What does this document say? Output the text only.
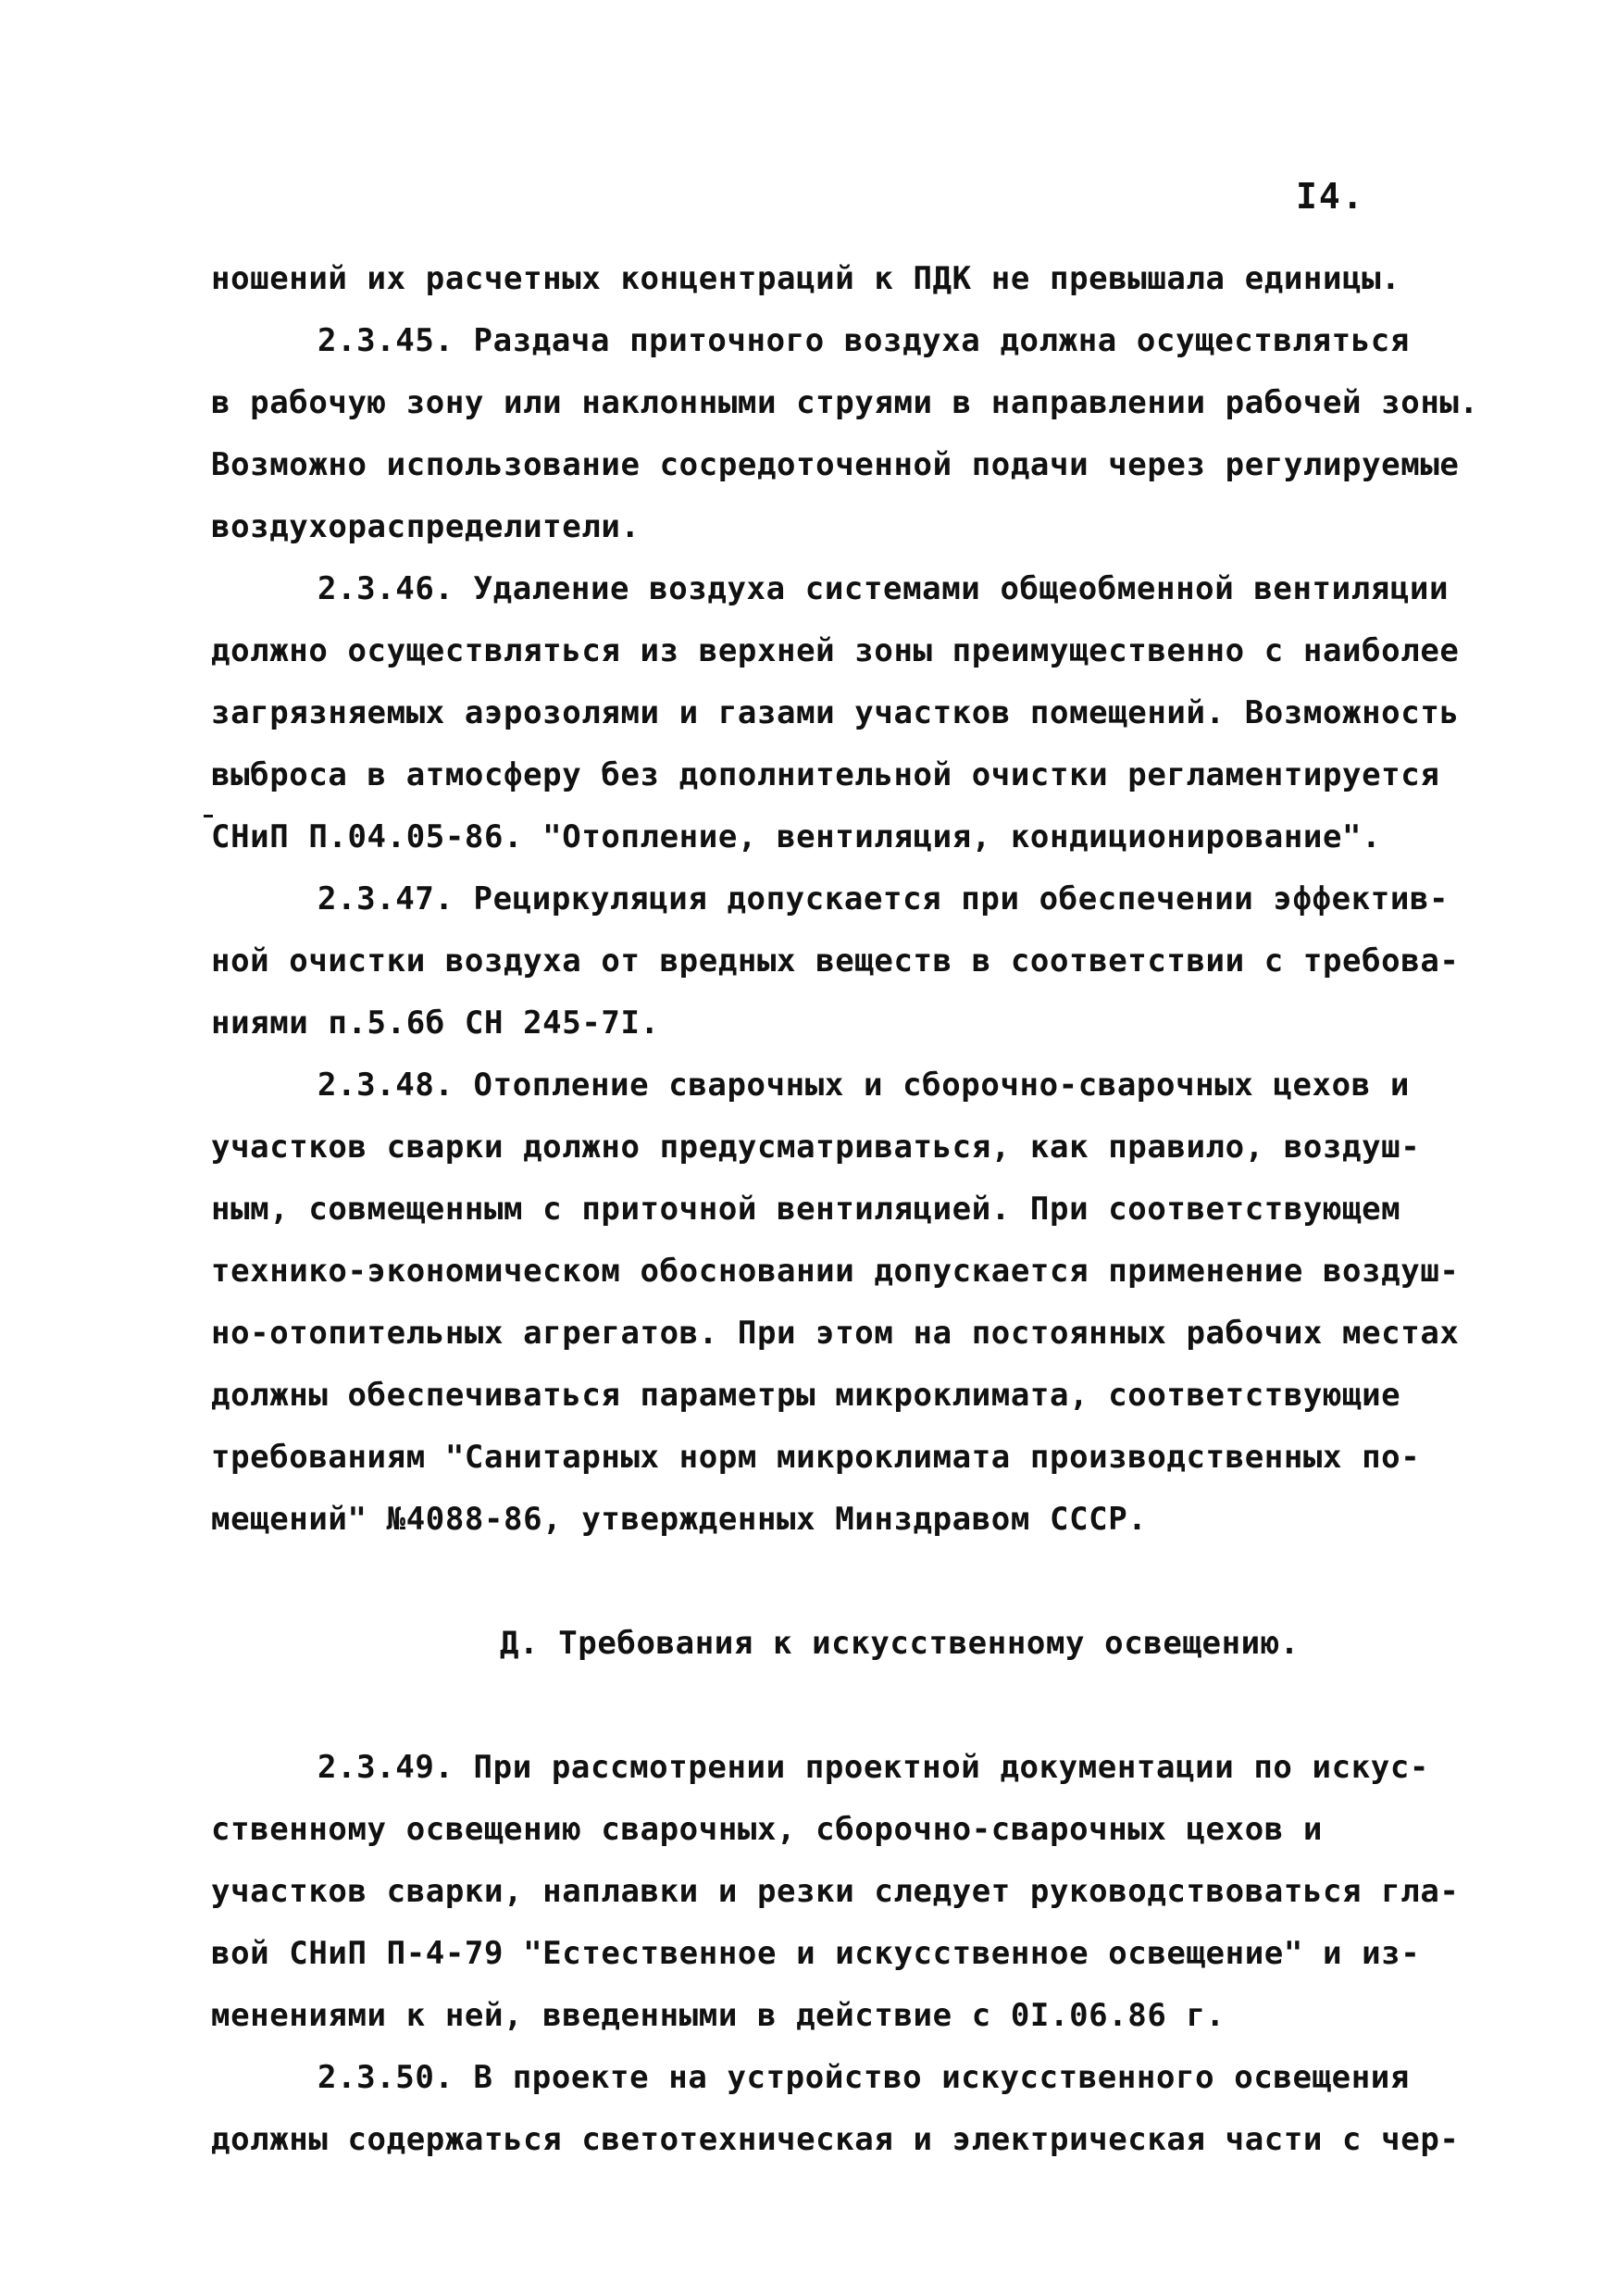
I4.
ношений их расчетных концентраций к ПДК не превышала единицы.
2.3.45. Раздача приточного воздуха должна осуществляться
в рабочую зону или наклонными струями в направлении рабочей зоны.
Возможно использование сосредоточенной подачи через регулируемые
воздухораспределители.
2.3.46. Удаление воздуха системами общеобменной вентиляции
должно осуществляться из верхней зоны преимущественно с наиболее
загрязняемых аэрозолями и газами участков помещений. Возможность
выброса в атмосферу без дополнительной очистки регламентируется
СНиП П.04.05-86. "Отопление, вентиляция, кондиционирование".
2.3.47. Рециркуляция допускается при обеспечении эффектив-
ной очистки воздуха от вредных веществ в соответствии с требова-
ниями п.5.6б СН 245-7I.
2.3.48. Отопление сварочных и сборочно-сварочных цехов и
участков сварки должно предусматриваться, как правило, воздуш-
ным, совмещенным с приточной вентиляцией. При соответствующем
технико-экономическом обосновании допускается применение воздуш-
но-отопительных агрегатов. При этом на постоянных рабочих местах
должны обеспечиваться параметры микроклимата, соответствующие
требованиям "Санитарных норм микроклимата производственных по-
мещений" №4088-86, утвержденных Минздравом СССР.
Д. Требования к искусственному освещению.
2.3.49. При рассмотрении проектной документации по искус-
ственному освещению сварочных, сборочно-сварочных цехов и
участков сварки, наплавки и резки следует руководствоваться гла-
вой СНиП П-4-79 "Естественное и искусственное освещение" и из-
менениями к ней, введенными в действие с 0I.06.86 г.
2.3.50. В проекте на устройство искусственного освещения
должны содержаться светотехническая и электрическая части с чер-
